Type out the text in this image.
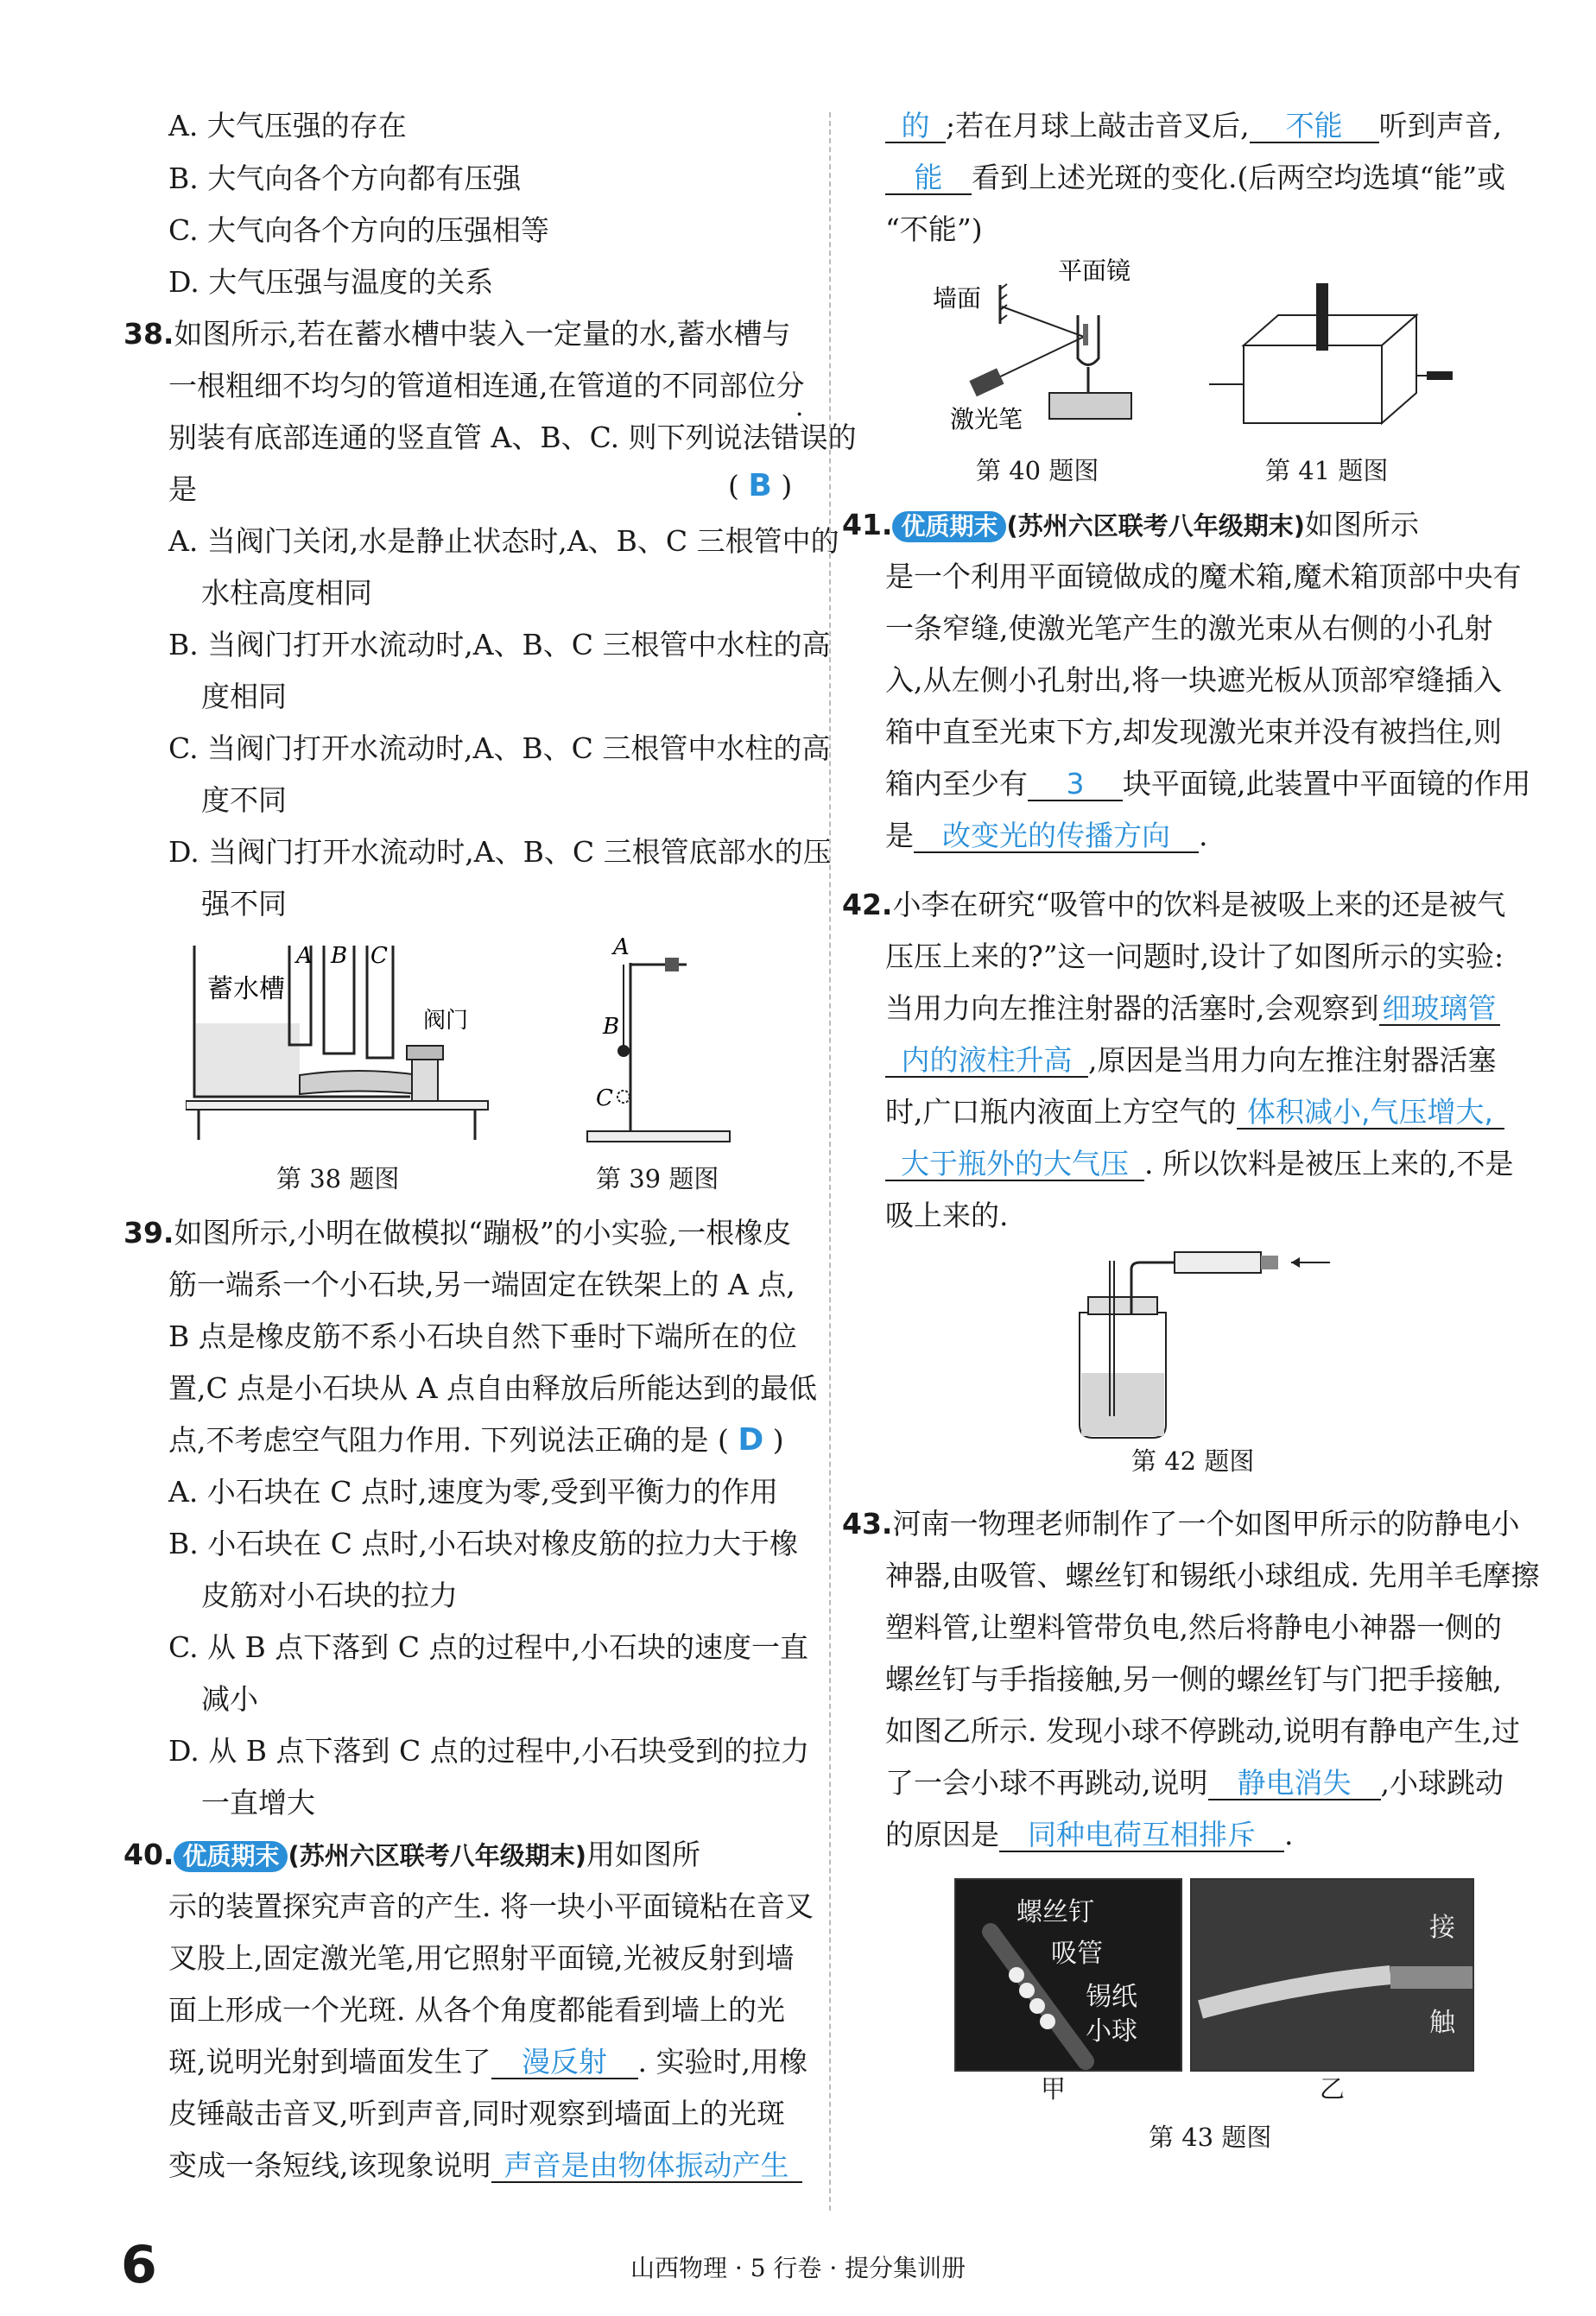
A. 大气压强的存在
B. 大气向各个方向都有压强
C. 大气向各个方向的压强相等
D. 大气压强与温度的关系
38.如图所示,若在蓄水槽中装入一定量的水,蓄水槽与
一根粗细不均匀的管道相连通,在管道的不同部位分
别装有底部连通的竖直管 A、B、C. 则下列说法错误的
是	( B )
A. 当阀门关闭,水是静止状态时,A、B、C 三根管中的
水柱高度相同
B. 当阀门打开水流动时,A、B、C 三根管中水柱的高
度相同
C. 当阀门打开水流动时,A、B、C 三根管中水柱的高
度不同
D. 当阀门打开水流动时,A、B、C 三根管底部水的压
强不同
蓄水槽
阀门
A B C
第 38 题图
A
B
C
第 39 题图
39.如图所示,小明在做模拟“蹦极”的小实验,一根橡皮
筋一端系一个小石块,另一端固定在铁架上的 A 点,
B 点是橡皮筋不系小石块自然下垂时下端所在的位
置,C 点是小石块从 A 点自由释放后所能达到的最低
点,不考虑空气阻力作用. 下列说法正确的是 ( D )
A. 小石块在 C 点时,速度为零,受到平衡力的作用
B. 小石块在 C 点时,小石块对橡皮筋的拉力大于橡
皮筋对小石块的拉力
C. 从 B 点下落到 C 点的过程中,小石块的速度一直
减小
D. 从 B 点下落到 C 点的过程中,小石块受到的拉力
一直增大
40. 优质期末 (苏州六区联考八年级期末)用如图所
示的装置探究声音的产生. 将一块小平面镜粘在音叉
叉股上,固定激光笔,用它照射平面镜,光被反射到墙
面上形成一个光斑. 从各个角度都能看到墙上的光
斑,说明光射到墙面发生了 漫反射 . 实验时,用橡
皮锤敲击音叉,听到声音,同时观察到墙面上的光斑
变成一条短线,该现象说明 声音是由物体振动产生
的 ;若在月球上敲击音叉后, 不能 听到声音,
能 看到上述光斑的变化.(后两空均选填“能”或
“不能”)
墙面
平面镜
激光笔
第 40 题图	第 41 题图
41. 优质期末 (苏州六区联考八年级期末)如图所示
是一个利用平面镜做成的魔术箱,魔术箱顶部中央有
一条窄缝,使激光笔产生的激光束从右侧的小孔射
入,从左侧小孔射出,将一块遮光板从顶部窄缝插入
箱中直至光束下方,却发现激光束并没有被挡住,则
箱内至少有 3 块平面镜,此装置中平面镜的作用
是 改变光的传播方向 .
42.小李在研究“吸管中的饮料是被吸上来的还是被气
压压上来的?”这一问题时,设计了如图所示的实验:
当用力向左推注射器的活塞时,会观察到 细玻璃管
内的液柱升高 ,原因是当用力向左推注射器活塞
时,广口瓶内液面上方空气的 体积减小,气压增大,
大于瓶外的大气压 . 所以饮料是被压上来的,不是
吸上来的.
第 42 题图
43.河南一物理老师制作了一个如图甲所示的防静电小
神器,由吸管、螺丝钉和锡纸小球组成. 先用羊毛摩擦
塑料管,让塑料管带负电,然后将静电小神器一侧的
螺丝钉与手指接触,另一侧的螺丝钉与门把手接触,
如图乙所示. 发现小球不停跳动,说明有静电产生,过
了一会小球不再跳动,说明 静电消失 ,小球跳动
的原因是 同种电荷互相排斥 .
螺丝钉
吸管
锡纸
小球
接
触
甲	乙
第 43 题图
6	山西物理 · 5 行卷 · 提分集训册
